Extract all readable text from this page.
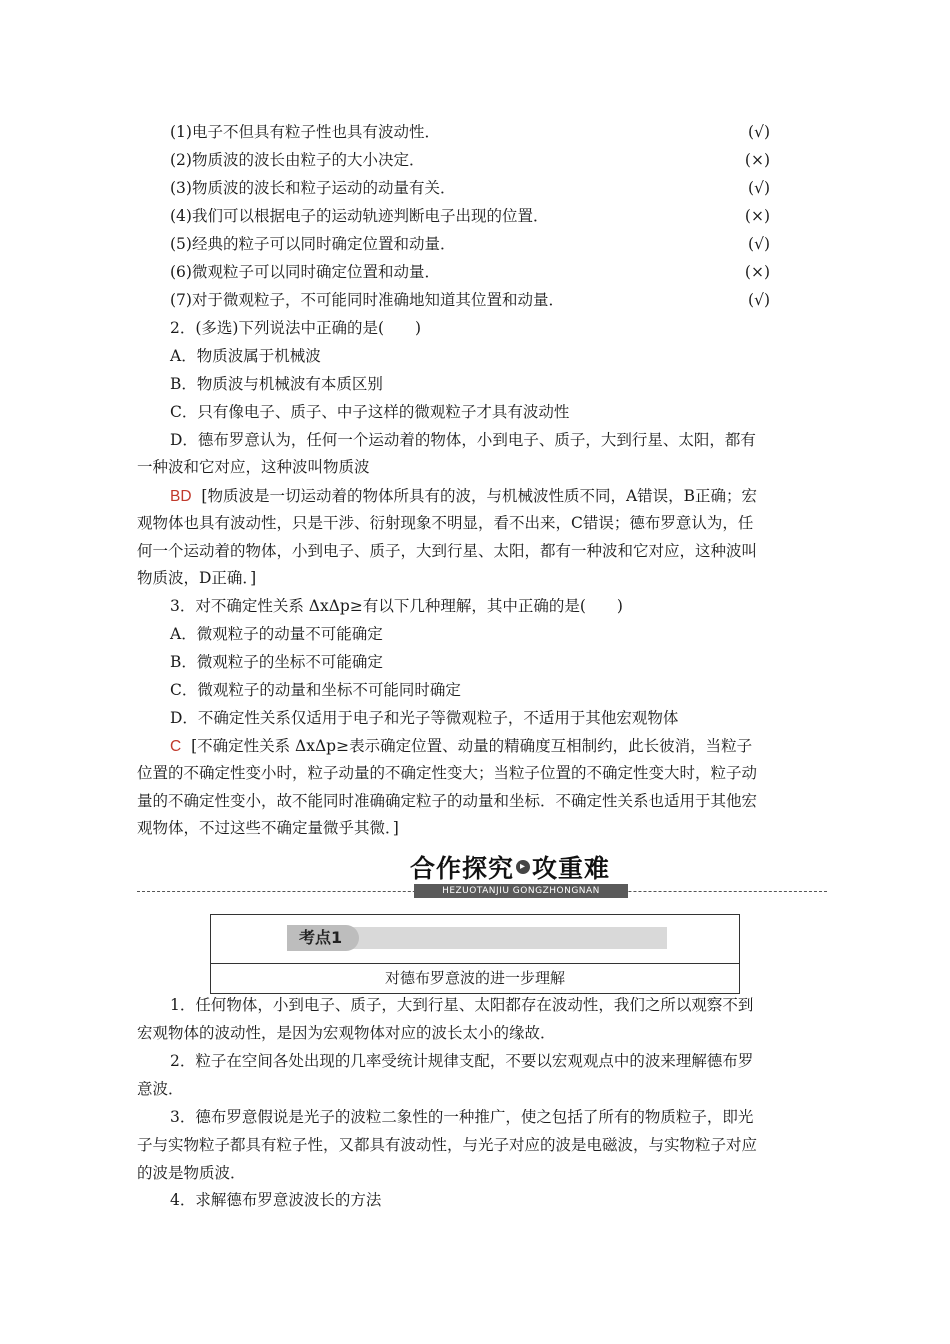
(1)电子不但具有粒子性也具有波动性．	(√)
(2)物质波的波长由粒子的大小决定．	(×)
(3)物质波的波长和粒子运动的动量有关．	(√)
(4)我们可以根据电子的运动轨迹判断电子出现的位置．	(×)
(5)经典的粒子可以同时确定位置和动量．	(√)
(6)微观粒子可以同时确定位置和动量．	(×)
(7)对于微观粒子，不可能同时准确地知道其位置和动量．	(√)
2．(多选)下列说法中正确的是(　　)
A．物质波属于机械波
B．物质波与机械波有本质区别
C．只有像电子、质子、中子这样的微观粒子才具有波动性
D．德布罗意认为，任何一个运动着的物体，小到电子、质子，大到行星、太阳，都有
一种波和它对应，这种波叫物质波
BD [物质波是一切运动着的物体所具有的波，与机械波性质不同，A错误，B正确；宏
观物体也具有波动性，只是干涉、衍射现象不明显，看不出来，C错误；德布罗意认为，任
何一个运动着的物体，小到电子、质子，大到行星、太阳，都有一种波和它对应，这种波叫
物质波，D正确．]
3．对不确定性关系 ΔxΔp≥有以下几种理解，其中正确的是(　　)
A．微观粒子的动量不可能确定
B．微观粒子的坐标不可能确定
C．微观粒子的动量和坐标不可能同时确定
D．不确定性关系仅适用于电子和光子等微观粒子，不适用于其他宏观物体
C [不确定性关系 ΔxΔp≥表示确定位置、动量的精确度互相制约，此长彼消，当粒子
位置的不确定性变小时，粒子动量的不确定性变大；当粒子位置的不确定性变大时，粒子动
量的不确定性变小，故不能同时准确确定粒子的动量和坐标．不确定性关系也适用于其他宏
观物体，不过这些不确定量微乎其微．]
合作探究 ▸ 攻重难
HEZUOTANJIU GONGZHONGNAN
考点1
对德布罗意波的进一步理解
1．任何物体，小到电子、质子，大到行星、太阳都存在波动性，我们之所以观察不到
宏观物体的波动性，是因为宏观物体对应的波长太小的缘故．
2．粒子在空间各处出现的几率受统计规律支配，不要以宏观观点中的波来理解德布罗
意波．
3．德布罗意假说是光子的波粒二象性的一种推广，使之包括了所有的物质粒子，即光
子与实物粒子都具有粒子性，又都具有波动性，与光子对应的波是电磁波，与实物粒子对应
的波是物质波．
4．求解德布罗意波波长的方法
